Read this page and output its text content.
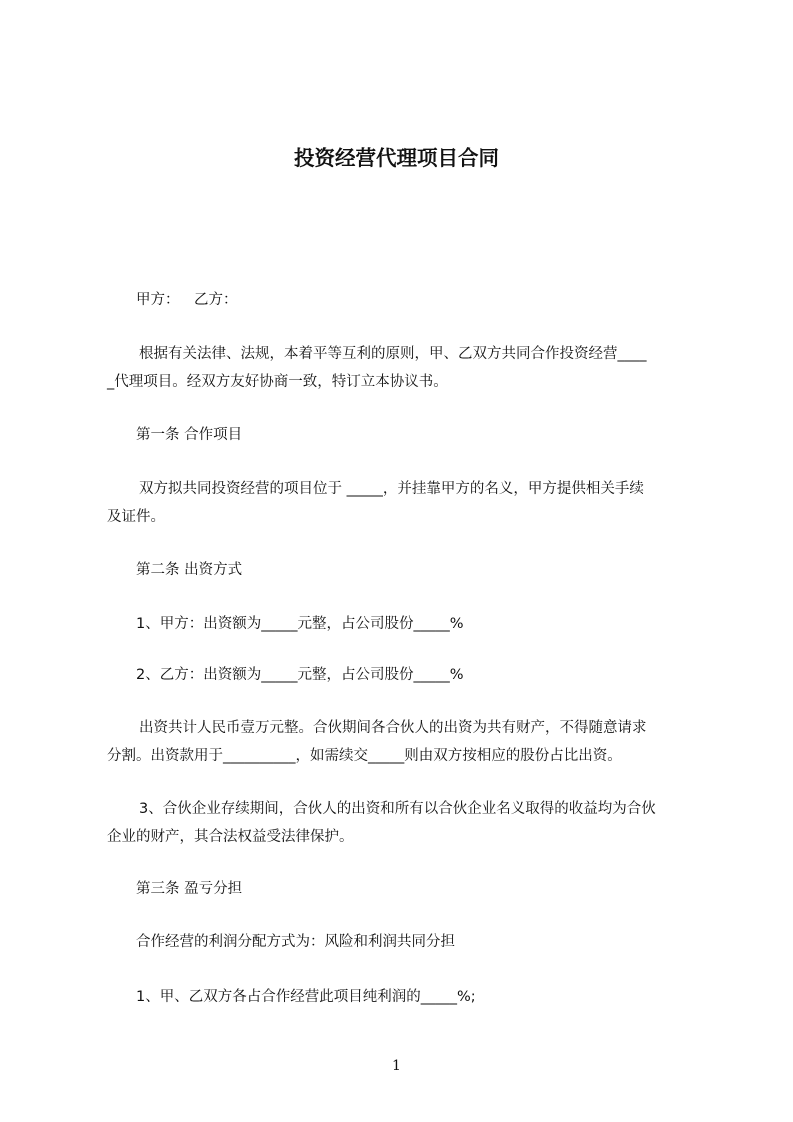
投资经营代理项目合同

甲方： 乙方：

根据有关法律、法规，本着平等互利的原则，甲、乙双方共同合作投资经营____

_代理项目。经双方友好协商一致，特订立本协议书。

第一条 合作项目

双方拟共同投资经营的项目位于 _____，并挂靠甲方的名义，甲方提供相关手续

及证件。

第二条 出资方式

1、甲方：出资额为_____元整，占公司股份_____%

2、乙方：出资额为_____元整，占公司股份_____%

出资共计人民币壹万元整。合伙期间各合伙人的出资为共有财产，不得随意请求

分割。出资款用于__________，如需续交_____则由双方按相应的股份占比出资。

3、合伙企业存续期间，合伙人的出资和所有以合伙企业名义取得的收益均为合伙

企业的财产，其合法权益受法律保护。

第三条 盈亏分担

合作经营的利润分配方式为：风险和利润共同分担

1、甲、乙双方各占合作经营此项目纯利润的_____%;

1
